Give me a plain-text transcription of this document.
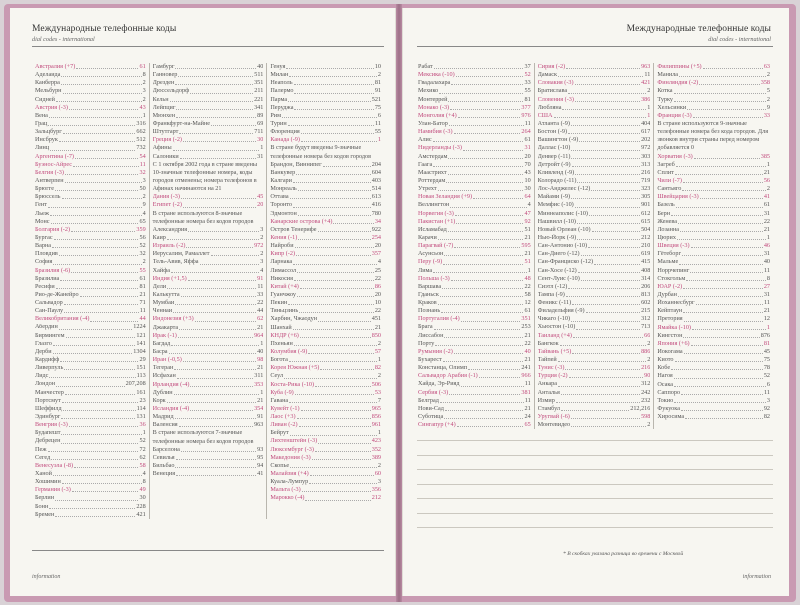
Международные телефонные коды
dial codes - international
Австралия (+7)	61
Аделаида	8
Канберра	2
Мельбурн	3
Сидней	2
Австрия (-3)	43
Вена	1
Грац	316
Зальцбург	662
Инсбрук	512
Линц	732
Аргентина (-7)	54
Буэнос-Айрес	11
Белгия (-3)	32
Антверпен	3
Брюгге	50
Брюссель	2
Гент	9
Льеж	4
Монс	65
Болгария (-2)	359
Бургас	56
Варна	52
Пловдив	32
София	2
Бразилия (-6)	55
Бразилиа	61
Ресифи	81
Рио-де-Жанейро	21
Сальвадор	71
Сан-Паулу	11
Великобритания (-4)	44
Абердин	1224
Бирмингем	121
Глазго	141
Дерби	1304
Кардифф	29
Ливерпуль	151
Лидс	113
Лондон	207,208
Манчестер	161
Портсмут	23
Шеффилд	114
Эдинбург	131
Венгрия (-3)	36
Будапешт	1
Дебрецен	52
Пеж	72
Сегед	62
Венесуэла (-8)	58
Ханой	4
Хошимин	8
Германия (-3)	49
Берлин	30
Бонн	228
Бремен	421
Гамбург	40
Ганновер	511
Дрезден	351
Дюссельдорф	211
Кельн	221
Лейпциг	341
Мюнхен	89
Франкфурт-на-Майне	69
Штутгарт	711
Греция (-2)	30
Афины	1
Салоники	31
С 1 октября 2002 года в стране введены 10-значные телефонные номера, коды городов отменены; номера телефонов в Афинах начинаются на 21
Дания (-3)	45
Египет (-2)	20
В стране используются 8-значные телефонные номера без кодов городов
Александрия	3
Каир	2
Израиль (-2)	972
Иерусалим, Рамаллет	2
Тель-Авив, Яффа	3
Хайфа	4
Индия (+1,5)	91
Дели	11
Калькутта	33
Мумбаи	22
Ченнаи	44
Индонезия (+3)	62
Джакарта	21
Ирак (-1)	964
Багдад	1
Басра	40
Иран (-0,5)	98
Тегеран	21
Исфахан	311
Ирландия (-4)	353
Дублин	1
Корк	21
Исландия (-4)	354
Мадрид	91
Валенсия	963
В стране используются 7-значные телефонные номера без кодов городов
Барселона	93
Севилья	95
Бильбао	94
Венеция	41
Генуя	10
Милан	2
Неаполь	81
Палермо	91
Парма	521
Перуджа	75
Рим	6
Турин	11
Флоренция	55
Канада (-9)	1
В стране будут введены 9-значные телефонные номера без кодов городов
Брандон, Виннипег	204
Ванкувер	604
Калгари	403
Монреаль	514
Оттава	613
Торонто	416
Эдмонтон	780
Канарские острова (+4)	34
Остров Тенерифе	922
Кения (-1)	254
Найроби	20
Кипр (-2)	357
Ларнака	4
Лимассол	25
Никосия	22
Китай (+4)	86
Гуанчжоу	20
Пекин	10
Тяньцзинь	22
Харбин, Чжаодун	451
Шанхай	21
КНДР (+6)	850
Пхеньян	2
Колумбия (-9)	57
Богота	1
Корея Южная (+5)	82
Сеул	2
Коста-Рика (-10)	506
Куба (-9)	53
Гавана	7
Кувейт (-1)	965
Лаос (+3)	856
Ливан (-2)	961
Бейрут	1
Лихтенштейн (-3)	423
Люксембург (-3)	352
Македония (-3)	389
Скопье	2
Малайзия (+4)	60
Куала-Лумпур	3
Мальта (-3)	356
Марокко (-4)	212
information
Международные телефонные коды
dial codes - international
Рабат	37
Мексика (-10)	52
Гвадалахара	33
Мехико	55
Монтеррей	81
Монако (-3)	377
Монголия (+4)	976
Улан-Батор	11
Намибия (-3)	264
Алис	61
Нидерланды (-3)	31
Амстердам	20
Гаага	70
Маастрихт	43
Роттердам	10
Утрехт	30
Новая Зеландия (+9)	64
Веллингтон	4
Норвегия (-3)	47
Пакистан (+1)	92
Исламабад	51
Карачи	21
Парагвай (-7)	595
Асунсьон	21
Перу (-9)	51
Лима	1
Польша (-3)	48
Варшава	22
Гданьск	58
Краков	12
Познань	61
Португалия (-4)	351
Брага	253
Лиссабон	21
Порту	22
Румыния (-2)	40
Бухарест	21
Констанца, Олимп	241
Сальвадор Арабия (-1)	966
Хайда, Эр-Рияд	11
Сербия (-3)	381
Белград	11
Нови-Сад	21
Суботица	24
Сингапур (+4)	65
Сирия (-2)	963
Дамаск	11
Словакия (-3)	421
Братислава	2
Словения (-3)	386
Любляна	1
США	1
Атланта (-9)	404
Бостон (-9)	617
Вашингтон (-9)	202
Даллас (-10)	972
Денвер (-11)	303
Детройт (-9)	313
Кливленд (-9)	216
Колорадо (-11)	719
Лос-Анджелес (-12)	323
Майами (-9)	305
Мемфис (-10)	901
Миннеаполис (-10)	612
Нашвилл (-10)	615
Новый Орлеан (-10)	504
Нью-Йорк (-9)	212
Сан-Антонио (-10)	210
Сан-Диего (-12)	619
Сан-Франциско (-12)	415
Сан-Хосе (-12)	408
Сент-Луис (-10)	314
Сиэтл (-12)	206
Тампа (-9)	813
Феникс (-11)	602
Филадельфия (-9)	215
Чикаго (-10)	312
Хьюстон (-10)	713
Таиланд (+4)	66
Бангкок	2
Тайвань (+5)	886
Тайпей	2
Тунис (-3)	216
Турция (-2)	90
Анкара	312
Анталья	242
Измир	232
Стамбул	212,216
Уругвай (-6)	598
Монтевидео	2
Филиппины (+5)	63
Манила	2
Финляндия (-2)	358
Котка	5
Турку	2
Хельсинки	9
Франция (-3)	33
В стране используются 9-значные телефонные номера без кода городов. Для звонков внутри страны перед номером добавляется 0
Хорватия (-3)	385
Загреб	1
Сплит	21
Чили (-7)	56
Сантьяго	2
Швейцария (-3)	41
Базель	61
Берн	31
Женева	22
Лозанна	21
Цюрих	1
Швеция (-3)	46
Гётеборг	31
Мальме	40
Норрчепинг	11
Стокгольм	8
ЮАР (-2)	27
Дурбан	31
Йоханнесбург	11
Кейптаун	21
Претория	12
Ямайка (-10)	1
Кингстон	876
Япония (+6)	81
Иокогама	45
Киото	75
Кобе	78
Нагоя	52
Осака	6
Саппоро	11
Токио	3
Фукуока	92
Хиросима	82
* В скобках указана разница во времени с Москвой
information
